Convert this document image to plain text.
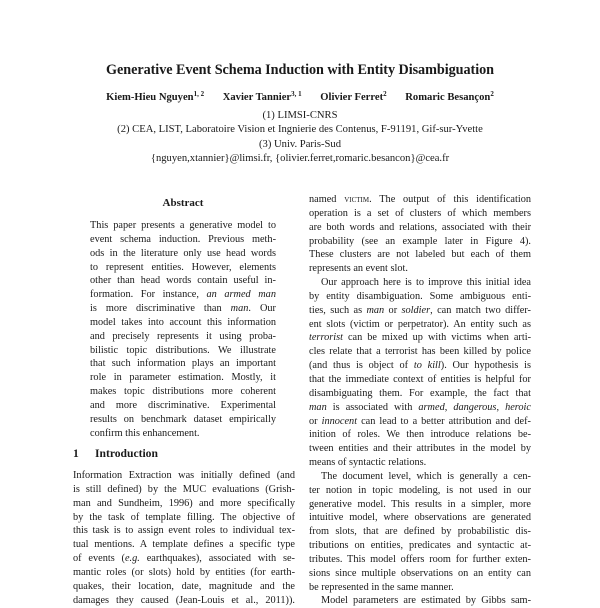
Generative Event Schema Induction with Entity Disambiguation
Kiem-Hieu Nguyen$^{1, 2}$ Xavier Tannier$^{3, 1}$ Olivier Ferret$^2$ Romaric Besançon$^2$
(1) LIMSI-CNRS
(2) CEA, LIST, Laboratoire Vision et Ingnierie des Contenus, F-91191, Gif-sur-Yvette
(3) Univ. Paris-Sud
{nguyen,xtannier}@limsi.fr, {olivier.ferret,romaric.besancon}@cea.fr
Abstract
This paper presents a generative model to
event schema induction. Previous meth-
ods in the literature only use head words
to represent entities. However, elements
other than head words contain useful in-
formation. For instance, an armed man
is more discriminative than man. Our
model takes into account this information
and precisely represents it using proba-
bilistic topic distributions. We illustrate
that such information plays an important
role in parameter estimation. Mostly, it
makes topic distributions more coherent
and more discriminative. Experimental
results on benchmark dataset empirically
confirm this enhancement.
1 Introduction
Information Extraction was initially defined (and
is still defined) by the MUC evaluations (Grish-
man and Sundheim, 1996) and more specifically
by the task of template filling. The objective of
this task is to assign event roles to individual tex-
tual mentions. A template defines a specific type
of events (e.g. earthquakes), associated with se-
mantic roles (or slots) hold by entities (for earth-
quakes, their location, date, magnitude and the
damages they caused (Jean-Louis et al., 2011)).
named victim. The output of this identification
operation is a set of clusters of which members
are both words and relations, associated with their
probability (see an example later in Figure 4).
These clusters are not labeled but each of them
represents an event slot.
Our approach here is to improve this initial idea
by entity disambiguation. Some ambiguous enti-
ties, such as man or soldier, can match two differ-
ent slots (victim or perpetrator). An entity such as
terrorist can be mixed up with victims when arti-
cles relate that a terrorist has been killed by police
(and thus is object of to kill). Our hypothesis is
that the immediate context of entities is helpful for
disambiguating them. For example, the fact that
man is associated with armed, dangerous, heroic
or innocent can lead to a better attribution and def-
inition of roles. We then introduce relations be-
tween entities and their attributes in the model by
means of syntactic relations.
The document level, which is generally a cen-
ter notion in topic modeling, is not used in our
generative model. This results in a simpler, more
intuitive model, where observations are generated
from slots, that are defined by probabilistic dis-
tributions on entities, predicates and syntactic at-
tributes. This model offers room for further exten-
sions since multiple observations on an entity can
be represented in the same manner.
Model parameters are estimated by Gibbs sam-
